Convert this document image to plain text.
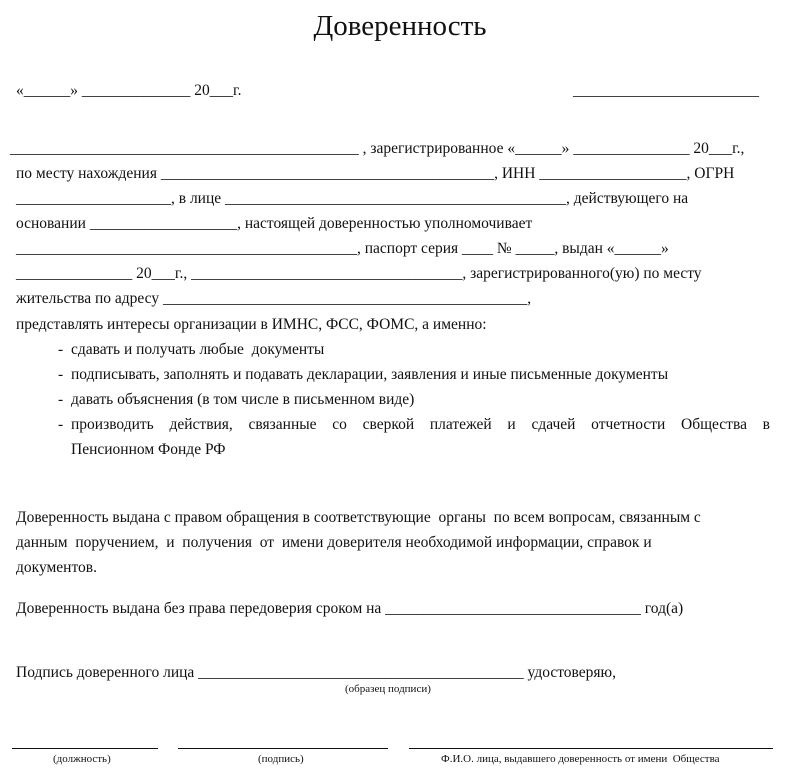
Доверенность
«______» ______________ 20___г.	________________________
_____________________________________________ , зарегистрированное «______» _______________ 20___г.,
по месту нахождения ___________________________________________, ИНН ___________________, ОГРН
____________________, в лице ____________________________________________, действующего на
основании ___________________, настоящей доверенностью уполномочивает
____________________________________________, паспорт серия ____ № _____, выдан «______»
_______________ 20___г., ___________________________________, зарегистрированного(ую) по месту
жительства по адресу _______________________________________________,
представлять интересы организации в ИМНС, ФСС, ФОМС, а именно:
- сдавать и получать любые  документы
- подписывать, заполнять и подавать декларации, заявления и иные письменные документы
- давать объяснения (в том числе в письменном виде)
- производить действия, связанные со сверкой платежей и сдачей отчетности Общества в
Пенсионном Фонде РФ
Доверенность выдана с правом обращения в соответствующие  органы  по всем вопросам, связанным с
данным  поручением,  и  получения  от  имени доверителя необходимой информации, справок и
документов.
Доверенность выдана без права передоверия сроком на _________________________________ год(а)
Подпись доверенного лица __________________________________________ удостоверяю,
(образец подписи)
(должность)	(подпись)	Ф.И.О. лица, выдавшего доверенность от имени  Общества
